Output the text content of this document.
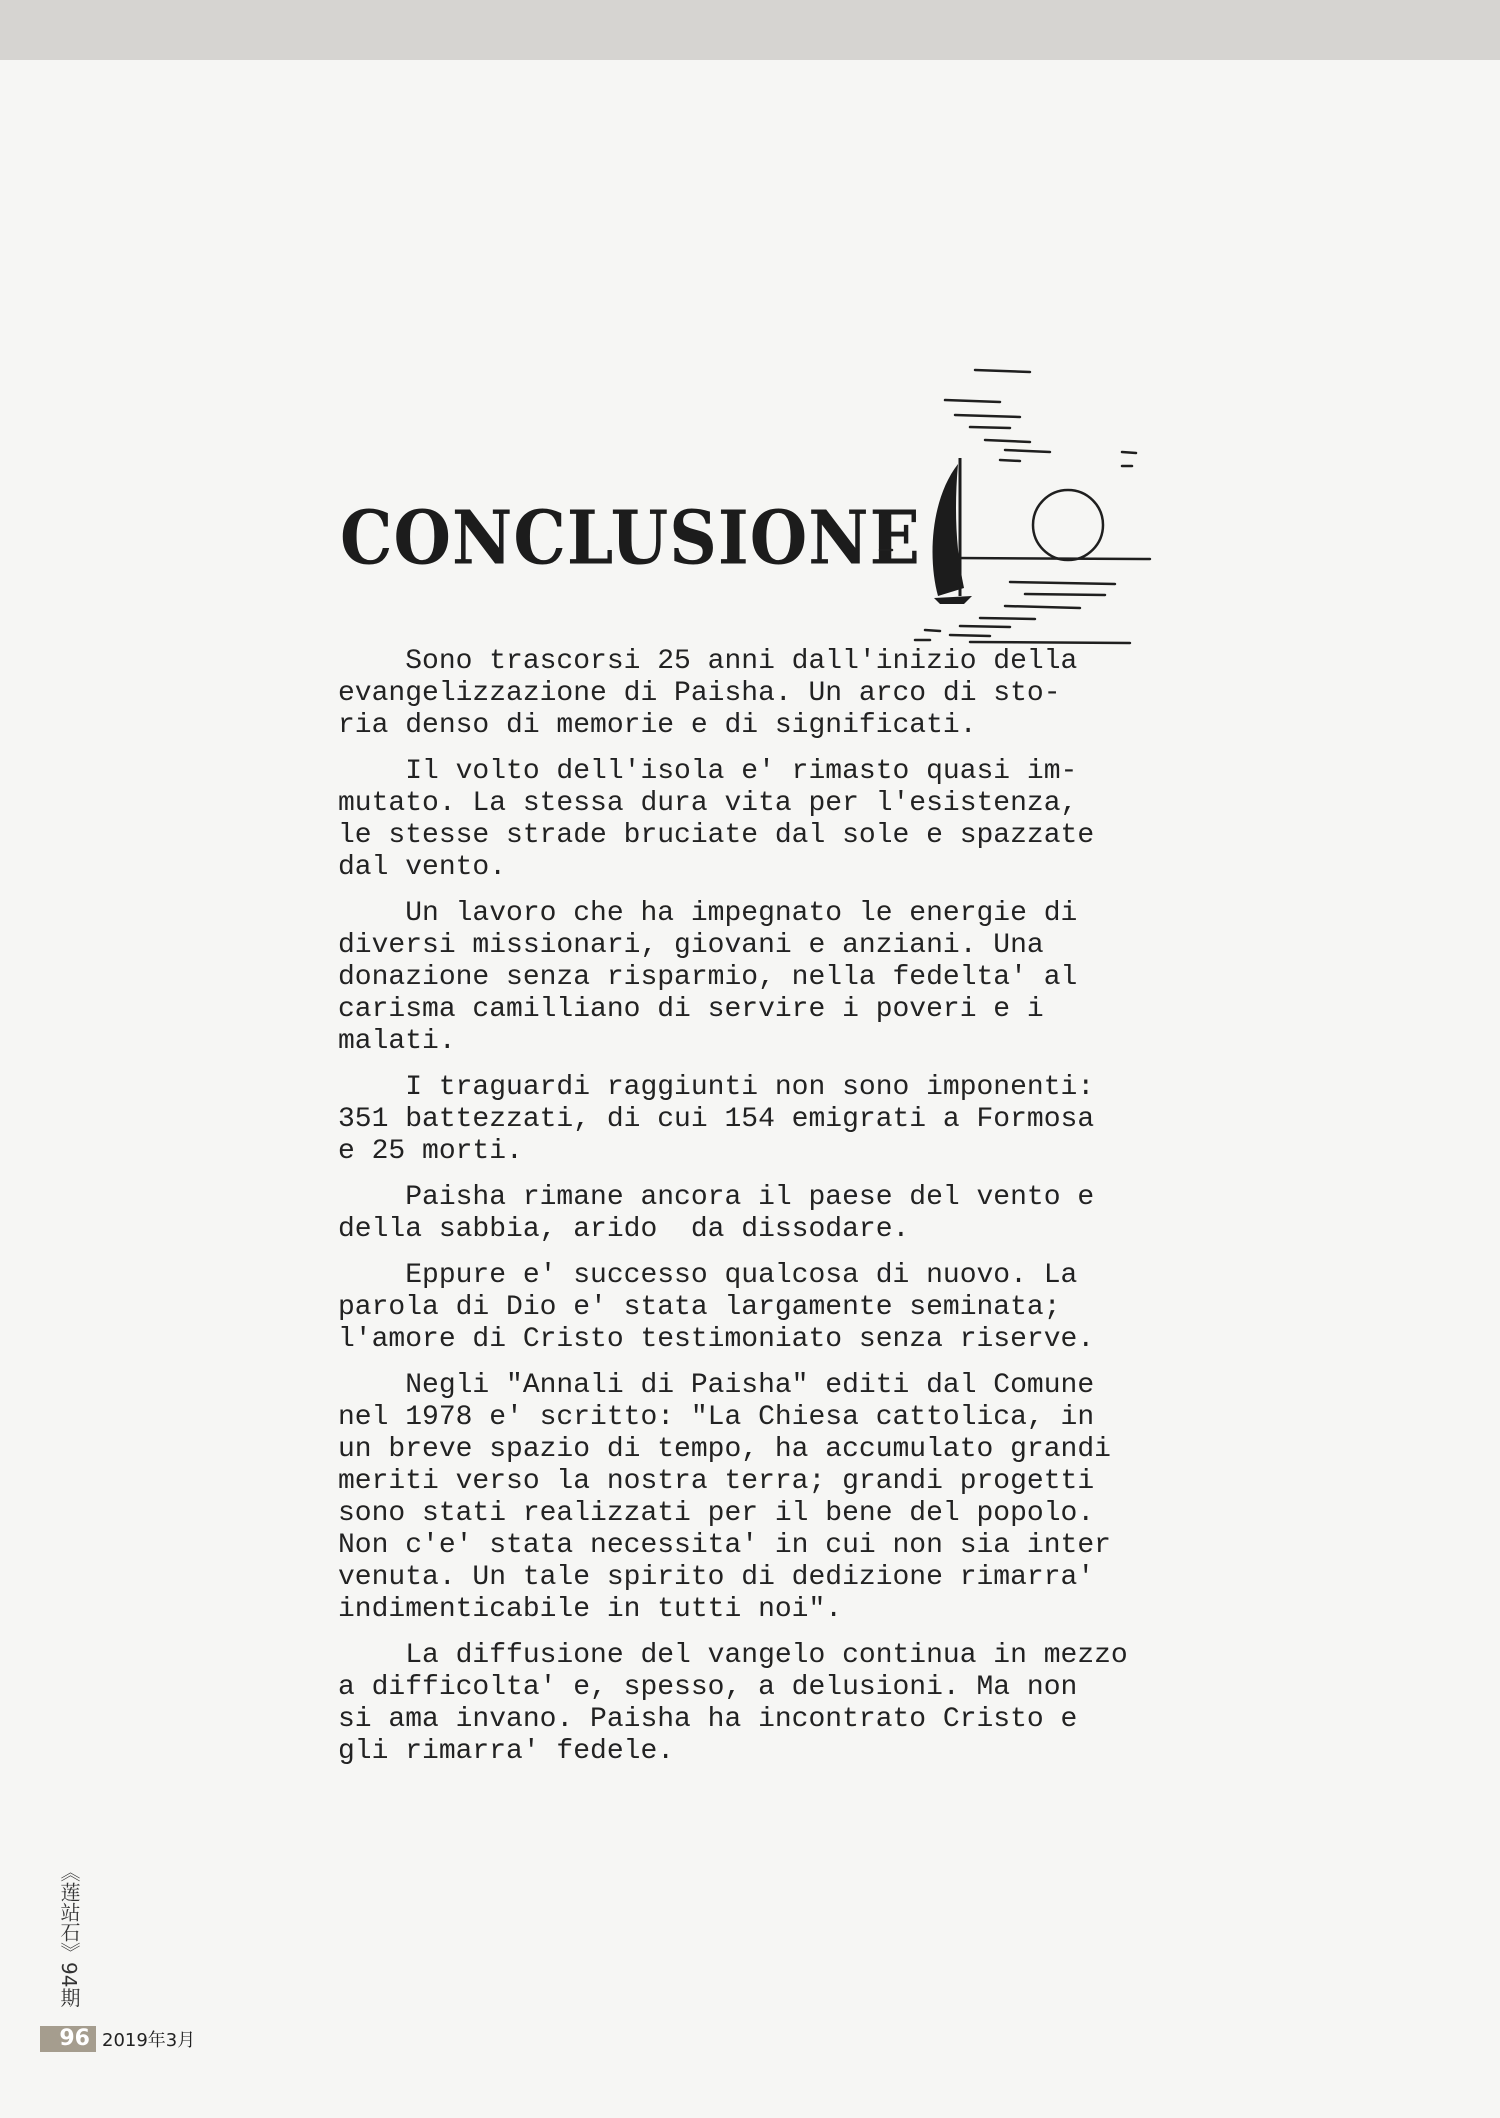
CONCLUSIONE

Sono trascorsi 25 anni dall'inizio della
evangelizzazione di Paisha. Un arco di sto-
ria denso di memorie e di significati.

Il volto dell'isola e' rimasto quasi im-
mutato. La stessa dura vita per l'esistenza,
le stesse strade bruciate dal sole e spazzate
dal vento.

Un lavoro che ha impegnato le energie di
diversi missionari, giovani e anziani. Una
donazione senza risparmio, nella fedelta' al
carisma camilliano di servire i poveri e i
malati.

I traguardi raggiunti non sono imponenti:
351 battezzati, di cui 154 emigrati a Formosa
e 25 morti.

Paisha rimane ancora il paese del vento e
della sabbia, arido  da dissodare.

Eppure e' successo qualcosa di nuovo. La
parola di Dio e' stata largamente seminata;
l'amore di Cristo testimoniato senza riserve.

Negli "Annali di Paisha" editi dal Comune
nel 1978 e' scritto: "La Chiesa cattolica, in
un breve spazio di tempo, ha accumulato grandi
meriti verso la nostra terra; grandi progetti
sono stati realizzati per il bene del popolo.
Non c'e' stata necessita' in cui non sia inter
venuta. Un tale spirito di dedizione rimarra'
indimenticabile in tutti noi".

La diffusione del vangelo continua in mezzo
a difficolta' e, spesso, a delusioni. Ma non
si ama invano. Paisha ha incontrato Cristo e
gli rimarra' fedele.

《莲站石》94期
96 2019年3月
